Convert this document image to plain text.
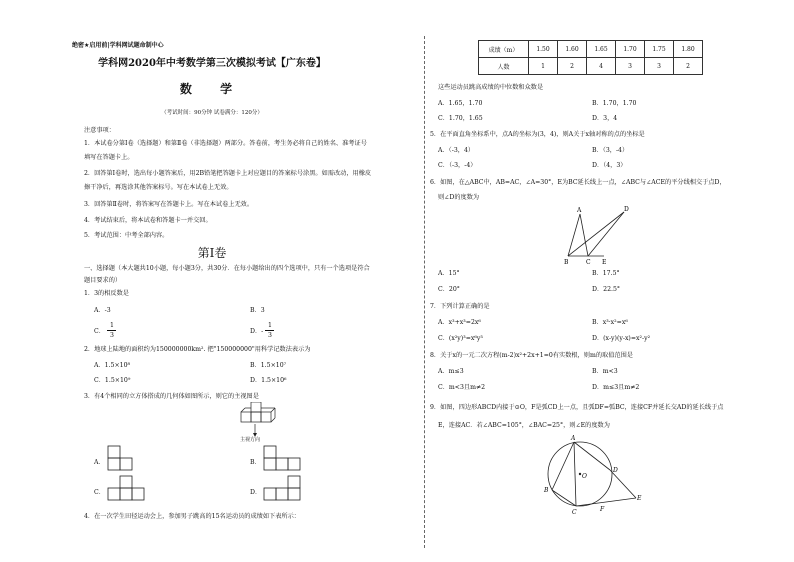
绝密★启用前|学科网试题命制中心
学科网2020年中考数学第三次模拟考试【广东卷】
数 学
（考试时间：90分钟 试卷满分：120分）
注意事项：
1．本试卷分第Ⅰ卷（选择题）和第Ⅱ卷（非选择题）两部分。答卷前，考生务必将自己的姓名、准考证号
填写在答题卡上。
2．回答第Ⅰ卷时，选出每小题答案后，用2B铅笔把答题卡上对应题目的答案标号涂黑。如需改动，用橡皮
擦干净后，再选涂其他答案标号。写在本试卷上无效。
3．回答第Ⅱ卷时，将答案写在答题卡上。写在本试卷上无效。
4．考试结束后，将本试卷和答题卡一并交回。
5．考试范围：中考全部内容。
第Ⅰ卷
一、选择题（本大题共10小题，每小题3分，共30分．在每小题给出的四个选项中，只有一个选项是符合
题目要求的）
1．3的相反数是
A．-3	B．3
C．
1
3
D．-
1
3
2．地球上陆地的面积约为150000000km². 把"150000000"用科学记数法表示为
A．1.5×10⁸	B．1.5×10⁷
C．1.5×10⁹	D．1.5×10⁶
3．有4个相同的立方体搭成的几何体如图所示，则它的主视图是
主视方向
A．	B．
C．	D．
4．在一次学生田径运动会上，参加男子跳高的15名运动员的成绩如下表所示：
成绩（m）	1.50	1.60	1.65	1.70	1.75	1.80
人数	1	2	4	3	3	2
这些运动员跳高成绩的中位数和众数是
A．1.65，1.70	B．1.70，1.70
C．1.70，1.65	D．3，4
5．在平面直角坐标系中，点A的坐标为(3，4)，则A关于x轴对称的点的坐标是
A．（-3，4）	B．（3，-4）
C．（-3，-4）	D．（4，3）
6．如图，在△ABC中，AB=AC，∠A=30°，E为BC延长线上一点，∠ABC与∠ACE的平分线相交于点D，
则∠D的度数为
A	D
B	C E
A．15°	B．17.5°
C．20°	D．22.5°
7．下列计算正确的是
A．x³+x³=2x⁶	B．x³·x²=x⁶
C．(x²y)³=x⁶y³	D．(x-y)(y-x)=x²-y²
8．关于x的一元二次方程(m-2)x²+2x+1=0有实数根，则m的取值范围是
A．m≤3	B．m<3
C．m<3且m≠2	D．m≤3且m≠2
9．如图，四边形ABCD内接于⊙O，F是弧CD上一点，且弧DF=弧BC，连接CF并延长交AD的延长线于点
E，连接AC．若∠ABC=105°，∠BAC=25°，则∠E的度数为
A
B
C
D
E
F
O
